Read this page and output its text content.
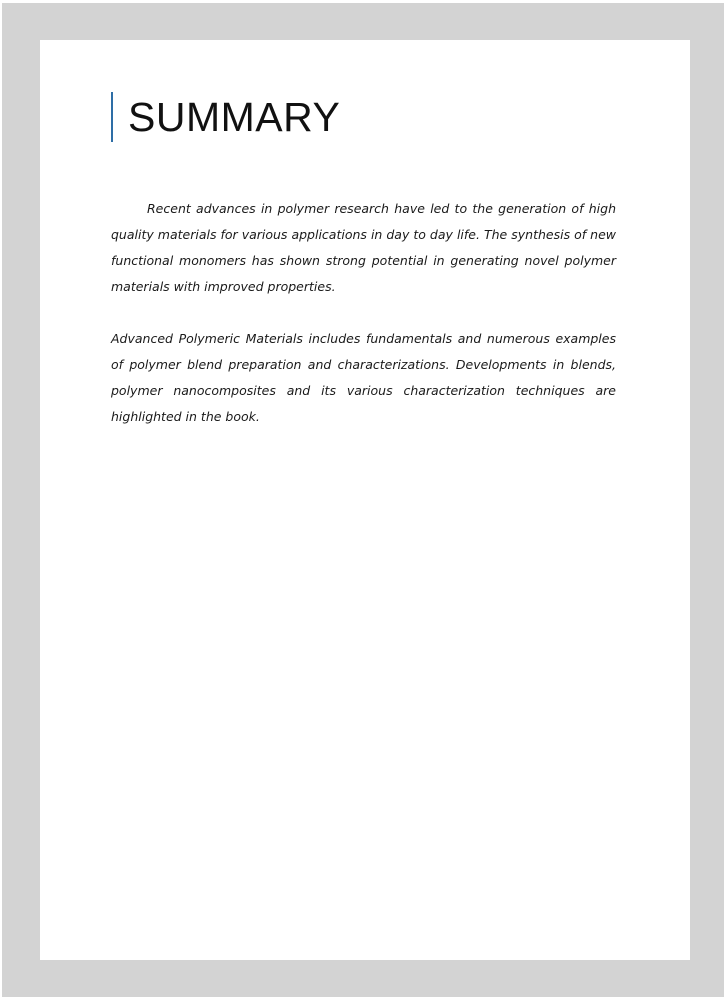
SUMMARY

Recent advances in polymer research have led to the generation of high quality materials for various applications in day to day life. The synthesis of new functional monomers has shown strong potential in generating novel polymer materials with improved properties.

Advanced Polymeric Materials includes fundamentals and numerous examples of polymer blend preparation and characterizations. Developments in blends, polymer nanocomposites and its various characterization techniques are highlighted in the book.
